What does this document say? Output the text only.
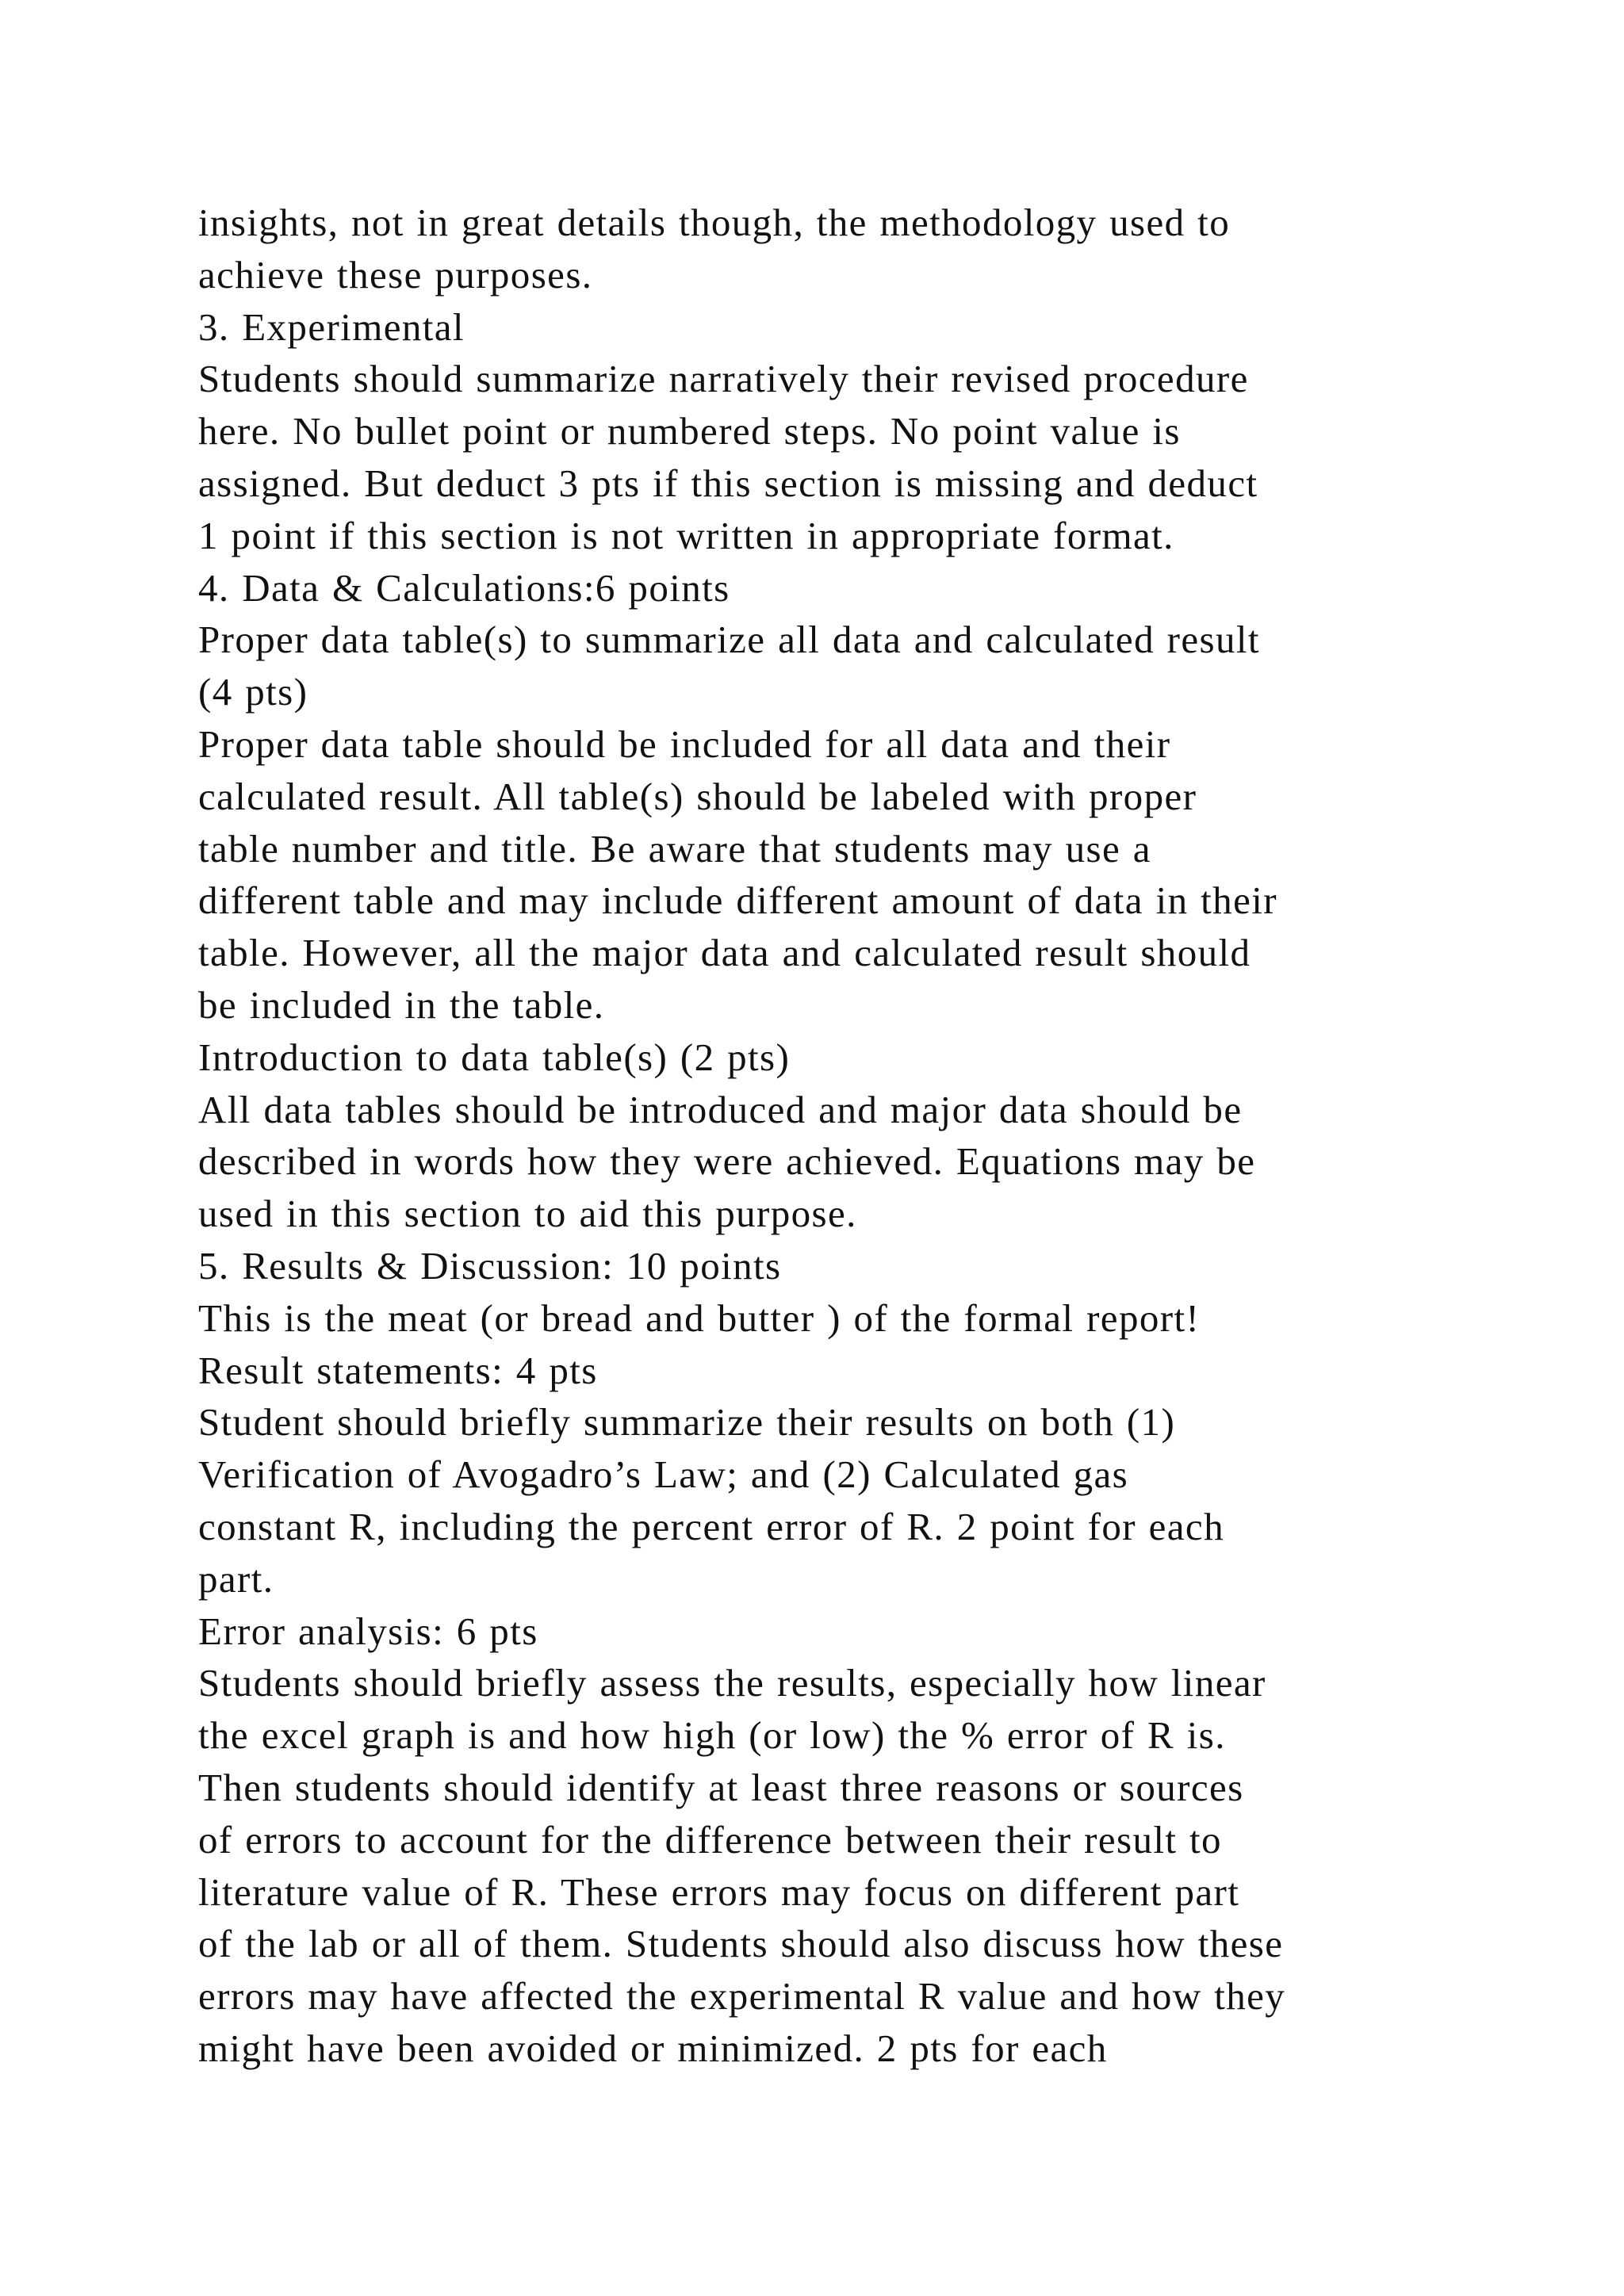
insights, not in great details though, the methodology used to
achieve these purposes.
3. Experimental
Students should summarize narratively their revised procedure
here. No bullet point or numbered steps. No point value is
assigned. But deduct 3 pts if this section is missing and deduct
1 point if this section is not written in appropriate format.
4. Data & Calculations:6 points
Proper data table(s) to summarize all data and calculated result
(4 pts)
Proper data table should be included for all data and their
calculated result. All table(s) should be labeled with proper
table number and title. Be aware that students may use a
different table and may include different amount of data in their
table. However, all the major data and calculated result should
be included in the table.
Introduction to data table(s) (2 pts)
All data tables should be introduced and major data should be
described in words how they were achieved. Equations may be
used in this section to aid this purpose.
5. Results & Discussion: 10 points
This is the meat (or bread and butter ) of the formal report!
Result statements: 4 pts
Student should briefly summarize their results on both (1)
Verification of Avogadro’s Law; and (2) Calculated gas
constant R, including the percent error of R. 2 point for each
part.
Error analysis: 6 pts
Students should briefly assess the results, especially how linear
the excel graph is and how high (or low) the % error of R is.
Then students should identify at least three reasons or sources
of errors to account for the difference between their result to
literature value of R. These errors may focus on different part
of the lab or all of them. Students should also discuss how these
errors may have affected the experimental R value and how they
might have been avoided or minimized. 2 pts for each
